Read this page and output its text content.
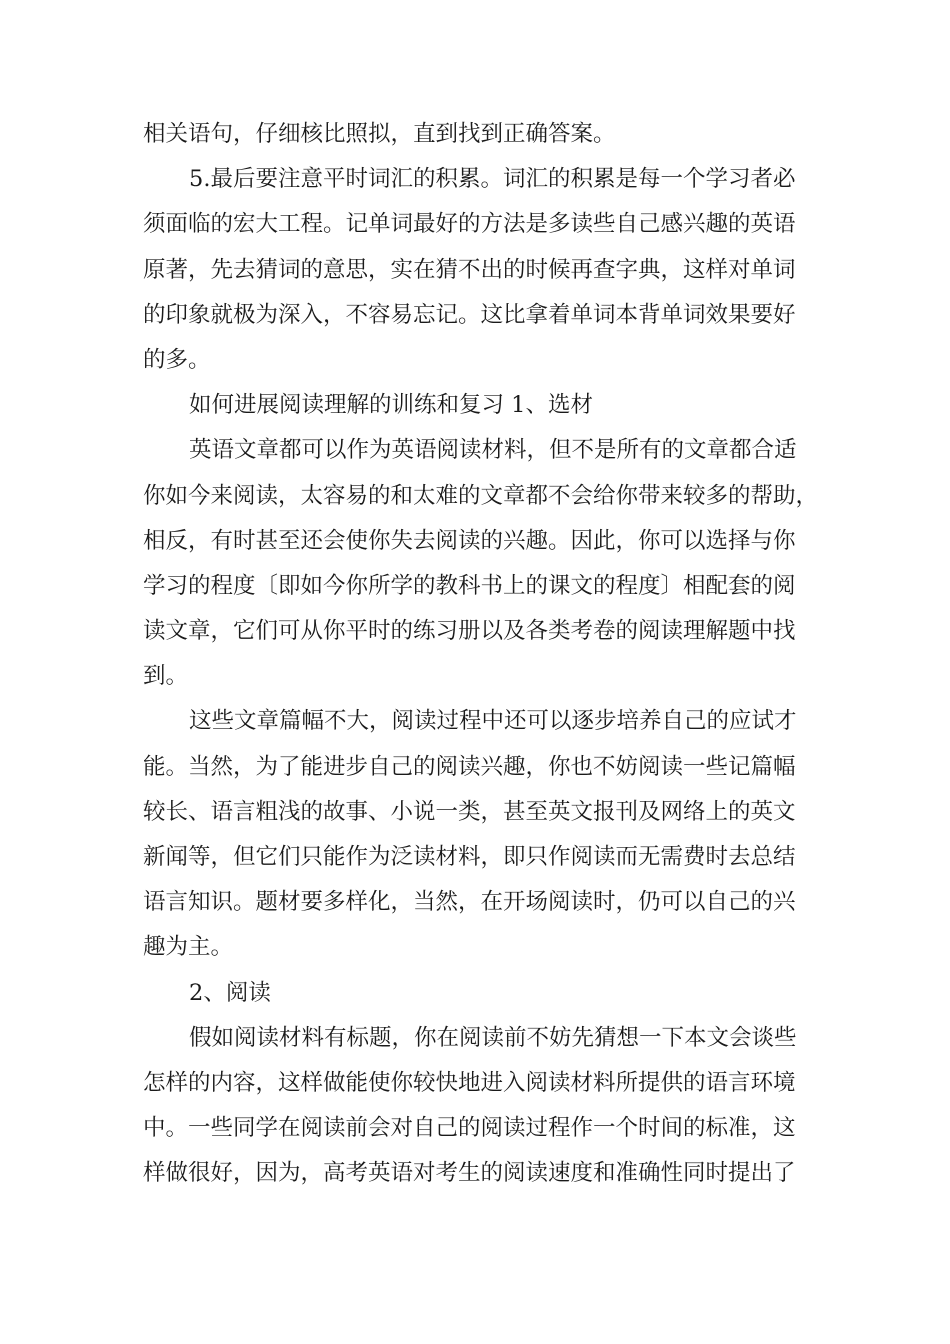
相关语句，仔细核比照拟，直到找到正确答案。
5.最后要注意平时词汇的积累。词汇的积累是每一个学习者必
须面临的宏大工程。记单词最好的方法是多读些自己感兴趣的英语
原著，先去猜词的意思，实在猜不出的时候再查字典，这样对单词
的印象就极为深入，不容易忘记。这比拿着单词本背单词效果要好
的多。
如何进展阅读理解的训练和复习 1、选材
英语文章都可以作为英语阅读材料，但不是所有的文章都合适
你如今来阅读，太容易的和太难的文章都不会给你带来较多的帮助，
相反，有时甚至还会使你失去阅读的兴趣。因此，你可以选择与你
学习的程度〔即如今你所学的教科书上的课文的程度〕相配套的阅
读文章，它们可从你平时的练习册以及各类考卷的阅读理解题中找
到。
这些文章篇幅不大，阅读过程中还可以逐步培养自己的应试才
能。当然，为了能进步自己的阅读兴趣，你也不妨阅读一些记篇幅
较长、语言粗浅的故事、小说一类，甚至英文报刊及网络上的英文
新闻等，但它们只能作为泛读材料，即只作阅读而无需费时去总结
语言知识。题材要多样化，当然，在开场阅读时，仍可以自己的兴
趣为主。
2、阅读
假如阅读材料有标题，你在阅读前不妨先猜想一下本文会谈些
怎样的内容，这样做能使你较快地进入阅读材料所提供的语言环境
中。一些同学在阅读前会对自己的阅读过程作一个时间的标准，这
样做很好，因为，高考英语对考生的阅读速度和准确性同时提出了
